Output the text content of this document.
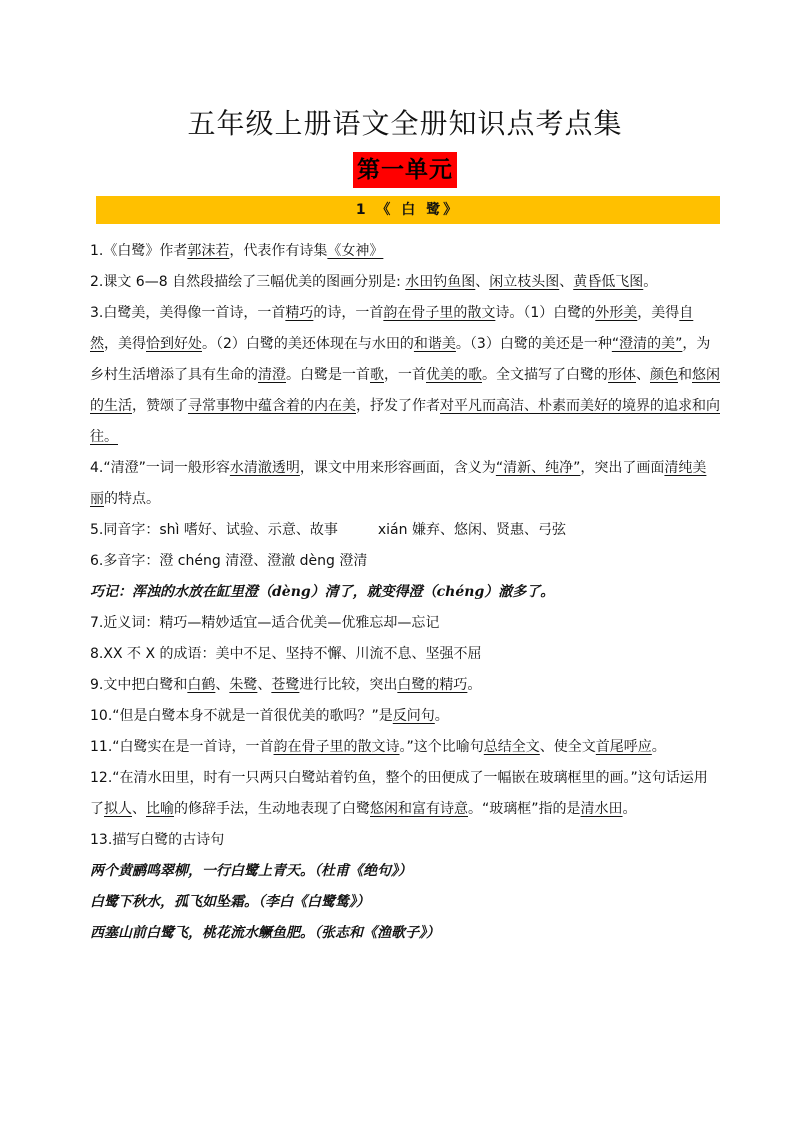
五年级上册语文全册知识点考点集
第一单元
1 《 白 鹭》

1.《白鹭》作者郭沫若，代表作有诗集《女神》

2.课文 6—8 自然段描绘了三幅优美的图画分别是: 水田钓鱼图、闲立枝头图、黄昏低飞图。

3.白鹭美，美得像一首诗，一首精巧的诗，一首韵在骨子里的散文诗。（1）白鹭的外形美，美得自然，美得恰到好处。（2）白鹭的美还体现在与水田的和谐美。（3）白鹭的美还是一种“澄清的美”，为乡村生活增添了具有生命的清澄。白鹭是一首歌，一首优美的歌。全文描写了白鹭的形体、颜色和悠闲的生活，赞颂了寻常事物中蕴含着的内在美，抒发了作者对平凡而高洁、朴素而美好的境界的追求和向往。

4.“清澄”一词一般形容水清澈透明，课文中用来形容画面，含义为“清新、纯净”，突出了画面清纯美丽的特点。

5.同音字：shì 嗜好、试验、示意、故事	xián 嫌弃、悠闲、贤惠、弓弦

6.多音字：澄 chéng 清澄、澄澈 dèng 澄清

巧记：浑浊的水放在缸里澄（dèng）清了，就变得澄（chéng）澈多了。

7.近义词：精巧—精妙适宜—适合优美—优雅忘却—忘记

8.XX 不 X 的成语：美中不足、坚持不懈、川流不息、坚强不屈

9.文中把白鹭和白鹤、朱鹭、苍鹭进行比较，突出白鹭的精巧。

10.“但是白鹭本身不就是一首很优美的歌吗？”是反问句。

11.“白鹭实在是一首诗，一首韵在骨子里的散文诗。”这个比喻句总结全文、使全文首尾呼应。

12.“在清水田里，时有一只两只白鹭站着钓鱼，整个的田便成了一幅嵌在玻璃框里的画。”这句话运用了拟人、比喻的修辞手法，生动地表现了白鹭悠闲和富有诗意。“玻璃框”指的是清水田。

13.描写白鹭的古诗句

两个黄鹂鸣翠柳，一行白鹭上青天。（杜甫《绝句》）

白鹭下秋水，孤飞如坠霜。（李白《白鹭鸶》）

西塞山前白鹭飞，桃花流水鳜鱼肥。（张志和《渔歌子》）
